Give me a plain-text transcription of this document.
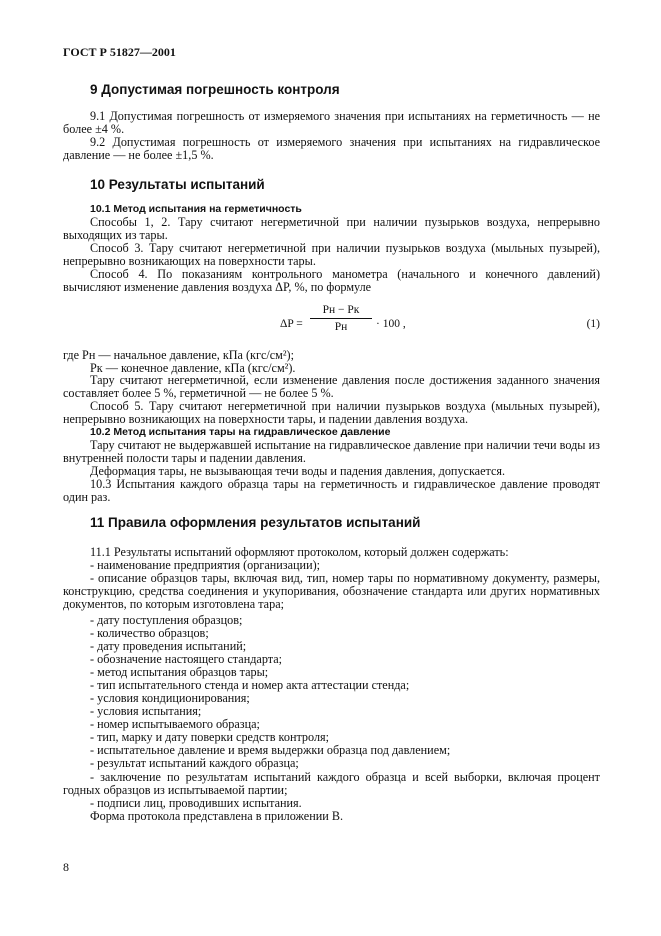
ГОСТ Р 51827—2001
9 Допустимая погрешность контроля

9.1 Допустимая погрешность от измеряемого значения при испытаниях на герметичность — не более ±4 %.

9.2 Допустимая погрешность от измеряемого значения при испытаниях на гидравлическое давление — не более ±1,5 %.

10 Результаты испытаний
10.1 Метод испытания на герметичность

Способы 1, 2. Тару считают негерметичной при наличии пузырьков воздуха, непрерывно выходящих из тары.

Способ 3. Тару считают негерметичной при наличии пузырьков воздуха (мыльных пузырей), непрерывно возникающих на поверхности тары.

Способ 4. По показаниям контрольного манометра (начального и конечного давлений) вычисляют изменение давления воздуха ΔP, %, по формуле

ΔP =
Pн − Pк
Pн	· 100 ,	(1)
где Pн — начальное давление, кПа (кгс/см²);
Pк — конечное давление, кПа (кгс/см²).

Тару считают негерметичной, если изменение давления после достижения заданного значения составляет более 5 %, герметичной — не более 5 %.

Способ 5. Тару считают негерметичной при наличии пузырьков воздуха (мыльных пузырей), непрерывно возникающих на поверхности тары, и падении давления воздуха.

10.2 Метод испытания тары на гидравлическое давление

Тару считают не выдержавшей испытание на гидравлическое давление при наличии течи воды из внутренней полости тары и падении давления.

Деформация тары, не вызывающая течи воды и падения давления, допускается.

10.3 Испытания каждого образца тары на герметичность и гидравлическое давление проводят один раз.

11 Правила оформления результатов испытаний

11.1 Результаты испытаний оформляют протоколом, который должен содержать:

- наименование предприятия (организации);

- описание образцов тары, включая вид, тип, номер тары по нормативному документу, размеры, конструкцию, средства соединения и укупоривания, обозначение стандарта или других нормативных документов, по которым изготовлена тара;

- дату поступления образцов;
- количество образцов;
- дату проведения испытаний;
- обозначение настоящего стандарта;
- метод испытания образцов тары;
- тип испытательного стенда и номер акта аттестации стенда;
- условия кондиционирования;
- условия испытания;
- номер испытываемого образца;
- тип, марку и дату поверки средств контроля;
- испытательное давление и время выдержки образца под давлением;
- результат испытаний каждого образца;

- заключение по результатам испытаний каждого образца и всей выборки, включая процент годных образцов из испытываемой партии;

- подписи лиц, проводивших испытания.
Форма протокола представлена в приложении В.
8
